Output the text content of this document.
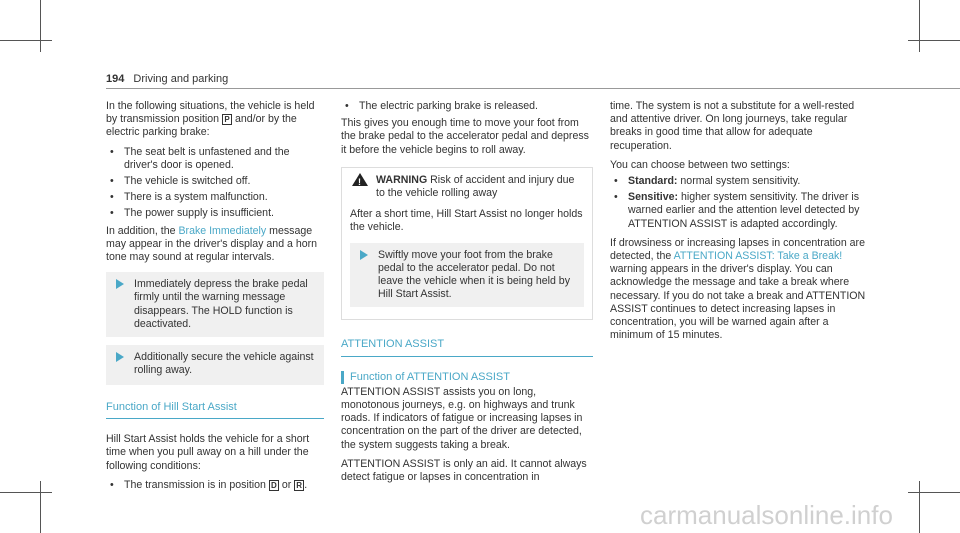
194 Driving and parking

In the following situations, the vehicle is held by transmission position P and/or by the electric parking brake:

• The seat belt is unfastened and the driver's door is opened.
• The vehicle is switched off.
• There is a system malfunction.
• The power supply is insufficient.

In addition, the Brake Immediately message may appear in the driver's display and a horn tone may sound at regular intervals.

Immediately depress the brake pedal firmly until the warning message disappears. The HOLD function is deactivated.
Additionally secure the vehicle against rolling away.
Function of Hill Start Assist

Hill Start Assist holds the vehicle for a short time when you pull away on a hill under the following conditions:

• The transmission is in position D or R .
• The electric parking brake is released.

This gives you enough time to move your foot from the brake pedal to the accelerator pedal and depress it before the vehicle begins to roll away.

! WARNING Risk of accident and injury due to the vehicle rolling away
After a short time, Hill Start Assist no longer holds the vehicle.
Swiftly move your foot from the brake pedal to the accelerator pedal. Do not leave the vehicle when it is being held by Hill Start Assist.
ATTENTION ASSIST
Function of ATTENTION ASSIST

ATTENTION ASSIST assists you on long, monotonous journeys, e.g. on highways and trunk roads. If indicators of fatigue or increasing lapses in concentration on the part of the driver are detected, the system suggests taking a break.

ATTENTION ASSIST is only an aid. It cannot always detect fatigue or lapses in concentration in

time. The system is not a substitute for a well-rested and attentive driver. On long journeys, take regular breaks in good time that allow for adequate recuperation.

You can choose between two settings:

• Standard: normal system sensitivity.
• Sensitive: higher system sensitivity. The driver is warned earlier and the attention level detected by ATTENTION ASSIST is adapted accordingly.

If drowsiness or increasing lapses in concentration are detected, the ATTENTION ASSIST: Take a Break! warning appears in the driver's display. You can acknowledge the message and take a break where necessary. If you do not take a break and ATTENTION ASSIST continues to detect increasing lapses in concentration, you will be warned again after a minimum of 15 minutes.

carmanualsonline.info
